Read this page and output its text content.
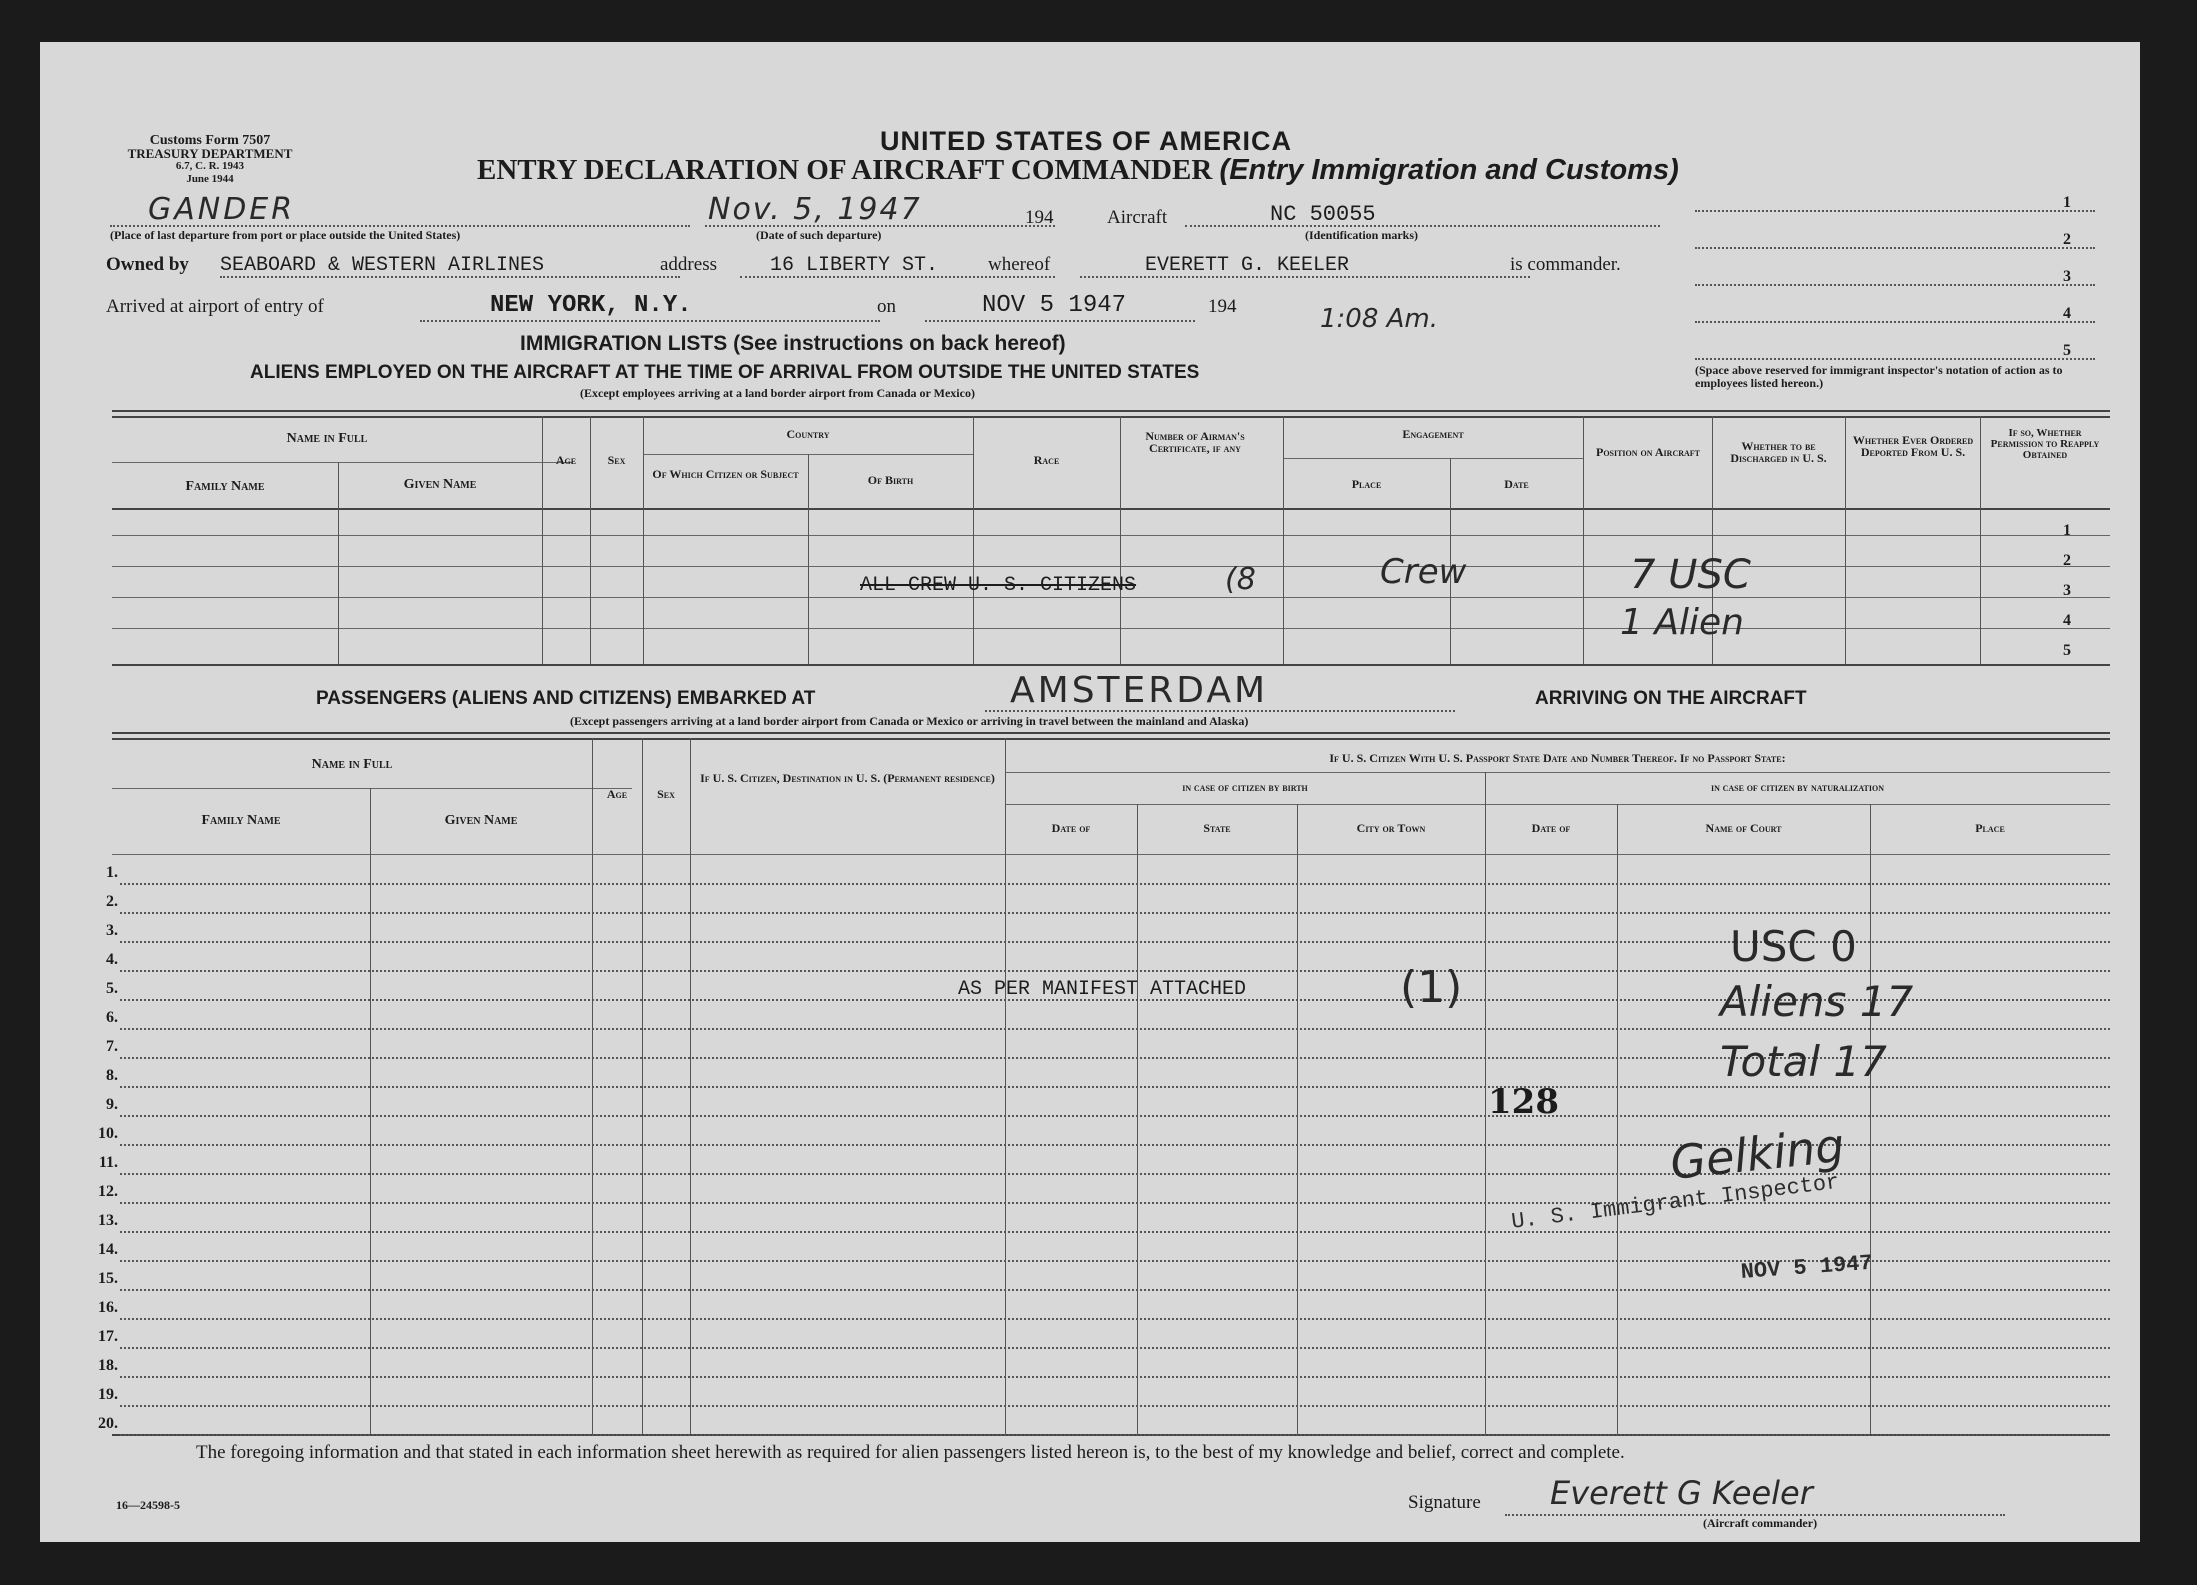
Customs Form 7507
TREASURY DEPARTMENT
6.7, C. R. 1943
June 1944
UNITED STATES OF AMERICA
ENTRY DECLARATION OF AIRCRAFT COMMANDER (Entry Immigration and Customs)
GANDER
(Place of last departure from port or place outside the United States)
Nov. 5, 1947
(Date of such departure)
194	Aircraft	NC 50055
(Identification marks)
Owned by SEABOARD & WESTERN AIRLINES	address	16 LIBERTY ST.	whereof	EVERETT G. KEELER	is commander.
Arrived at airport of entry of	NEW YORK, N.Y.	on	NOV 5 1947	194	1:08 Am.
1
2
3
4
5
(Space above reserved for immigrant inspector's notation of action as to employees listed hereon.)
IMMIGRATION LISTS (See instructions on back hereof)
ALIENS EMPLOYED ON THE AIRCRAFT AT THE TIME OF ARRIVAL FROM OUTSIDE THE UNITED STATES
(Except employees arriving at a land border airport from Canada or Mexico)
Name in Full
Family Name	Given Name
Age	Sex
Country
Of Which Citizen or Subject	Of Birth
Race
Number of Airman's Certificate, if any
Engagement
Place	Date
Position on Aircraft	Whether to be Discharged in U. S.
Whether Ever Ordered Deported From U. S.
If so, Whether Permission to Reapply Obtained
1
2
3
4
5
ALL CREW U. S. CITIZENS	(8	Crew	7 USC
1 Alien
PASSENGERS (ALIENS AND CITIZENS) EMBARKED AT	AMSTERDAM	ARRIVING ON THE AIRCRAFT
(Except passengers arriving at a land border airport from Canada or Mexico or arriving in travel between the mainland and Alaska)
Name in Full
Family Name	Given Name
Age	Sex
If U. S. Citizen, Destination in U. S. (Permanent residence)
If U. S. Citizen With U. S. Passport State Date and Number Thereof. If no Passport State:
in case of citizen by birth	in case of citizen by naturalization
Date of	State	City or Town	Date of	Name of Court	Place
1.
2.
3.
4.
5.
6.
7.
8.
9.
10.
11.
12.
13.
14.
15.
16.
17.
18.
19.
20.
AS PER MANIFEST ATTACHED	(1)
128
USC 0
Aliens 17
Total 17
Gelking
U. S. Immigrant Inspector
NOV 5 1947
The foregoing information and that stated in each information sheet herewith as required for alien passengers listed hereon is, to the best of my knowledge and belief, correct and complete.
16—24598-5	Signature Everett G Keeler
(Aircraft commander)
